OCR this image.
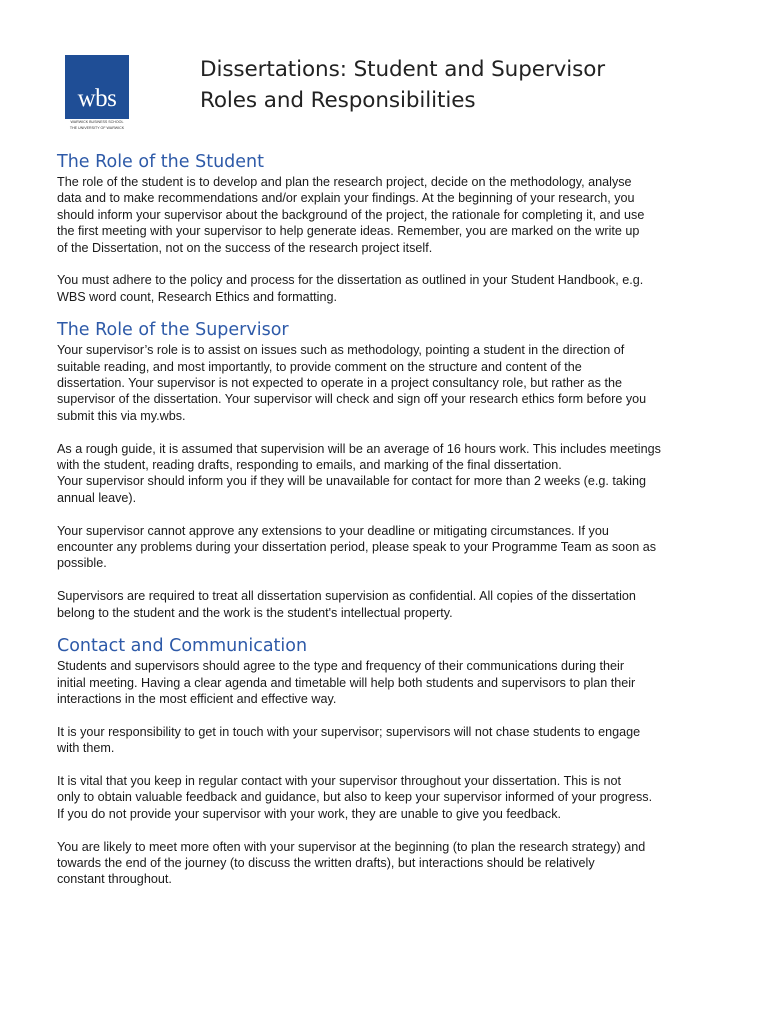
wbs
WARWICK BUSINESS SCHOOL
THE UNIVERSITY OF WARWICK
Dissertations: Student and Supervisor
Roles and Responsibilities
The Role of the Student

The role of the student is to develop and plan the research project, decide on the methodology, analyse
data and to make recommendations and/or explain your findings. At the beginning of your research, you
should inform your supervisor about the background of the project, the rationale for completing it, and use
the first meeting with your supervisor to help generate ideas. Remember, you are marked on the write up
of the Dissertation, not on the success of the research project itself.

You must adhere to the policy and process for the dissertation as outlined in your Student Handbook, e.g.
WBS word count, Research Ethics and formatting.

The Role of the Supervisor

Your supervisor’s role is to assist on issues such as methodology, pointing a student in the direction of
suitable reading, and most importantly, to provide comment on the structure and content of the
dissertation. Your supervisor is not expected to operate in a project consultancy role, but rather as the
supervisor of the dissertation. Your supervisor will check and sign off your research ethics form before you
submit this via my.wbs.

As a rough guide, it is assumed that supervision will be an average of 16 hours work. This includes meetings
with the student, reading drafts, responding to emails, and marking of the final dissertation.
Your supervisor should inform you if they will be unavailable for contact for more than 2 weeks (e.g. taking
annual leave).

Your supervisor cannot approve any extensions to your deadline or mitigating circumstances. If you
encounter any problems during your dissertation period, please speak to your Programme Team as soon as
possible.

Supervisors are required to treat all dissertation supervision as confidential. All copies of the dissertation
belong to the student and the work is the student's intellectual property.

Contact and Communication

Students and supervisors should agree to the type and frequency of their communications during their
initial meeting. Having a clear agenda and timetable will help both students and supervisors to plan their
interactions in the most efficient and effective way.

It is your responsibility to get in touch with your supervisor; supervisors will not chase students to engage
with them.

It is vital that you keep in regular contact with your supervisor throughout your dissertation. This is not
only to obtain valuable feedback and guidance, but also to keep your supervisor informed of your progress.
If you do not provide your supervisor with your work, they are unable to give you feedback.

You are likely to meet more often with your supervisor at the beginning (to plan the research strategy) and
towards the end of the journey (to discuss the written drafts), but interactions should be relatively
constant throughout.
